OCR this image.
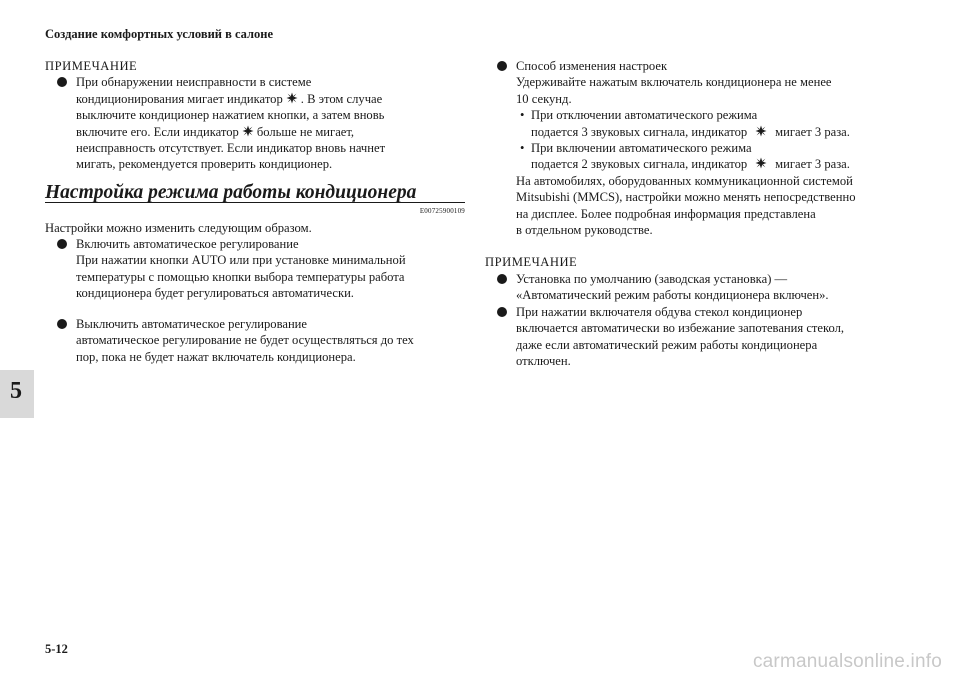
Создание комфортных условий в салоне
5
ПРИМЕЧАНИЕ
При обнаружении неисправности в системе
кондиционирования мигает индикатор . В этом случае
выключите кондиционер нажатием кнопки, а затем вновь
включите его. Если индикатор больше не мигает,
неисправность отсутствует. Если индикатор вновь начнет
мигать, рекомендуется проверить кондиционер.
Настройка режима работы кондиционера
E00725900109
Настройки можно изменить следующим образом.
Включить автоматическое регулирование
При нажатии кнопки AUTO или при установке минимальной
температуры с помощью кнопки выбора температуры работа
кондиционера будет регулироваться автоматически.
Выключить автоматическое регулирование
автоматическое регулирование не будет осуществляться до тех
пор, пока не будет нажат включатель кондиционера.
Способ изменения настроек
Удерживайте нажатым включатель кондиционера не менее
10 секунд.
• При отключении автоматического режима
подается 3 звуковых сигнала, индикатор мигает 3 раза.
• При включении автоматического режима
подается 2 звуковых сигнала, индикатор мигает 3 раза.
На автомобилях, оборудованных коммуникационной системой
Mitsubishi (MMCS), настройки можно менять непосредственно
на дисплее. Более подробная информация представлена
в отдельном руководстве.
ПРИМЕЧАНИЕ
Установка по умолчанию (заводская установка) —
«Автоматический режим работы кондиционера включен».
При нажатии включателя обдува стекол кондиционер
включается автоматически во избежание запотевания стекол,
даже если автоматический режим работы кондиционера
отключен.
5-12
carmanualsonline.info
